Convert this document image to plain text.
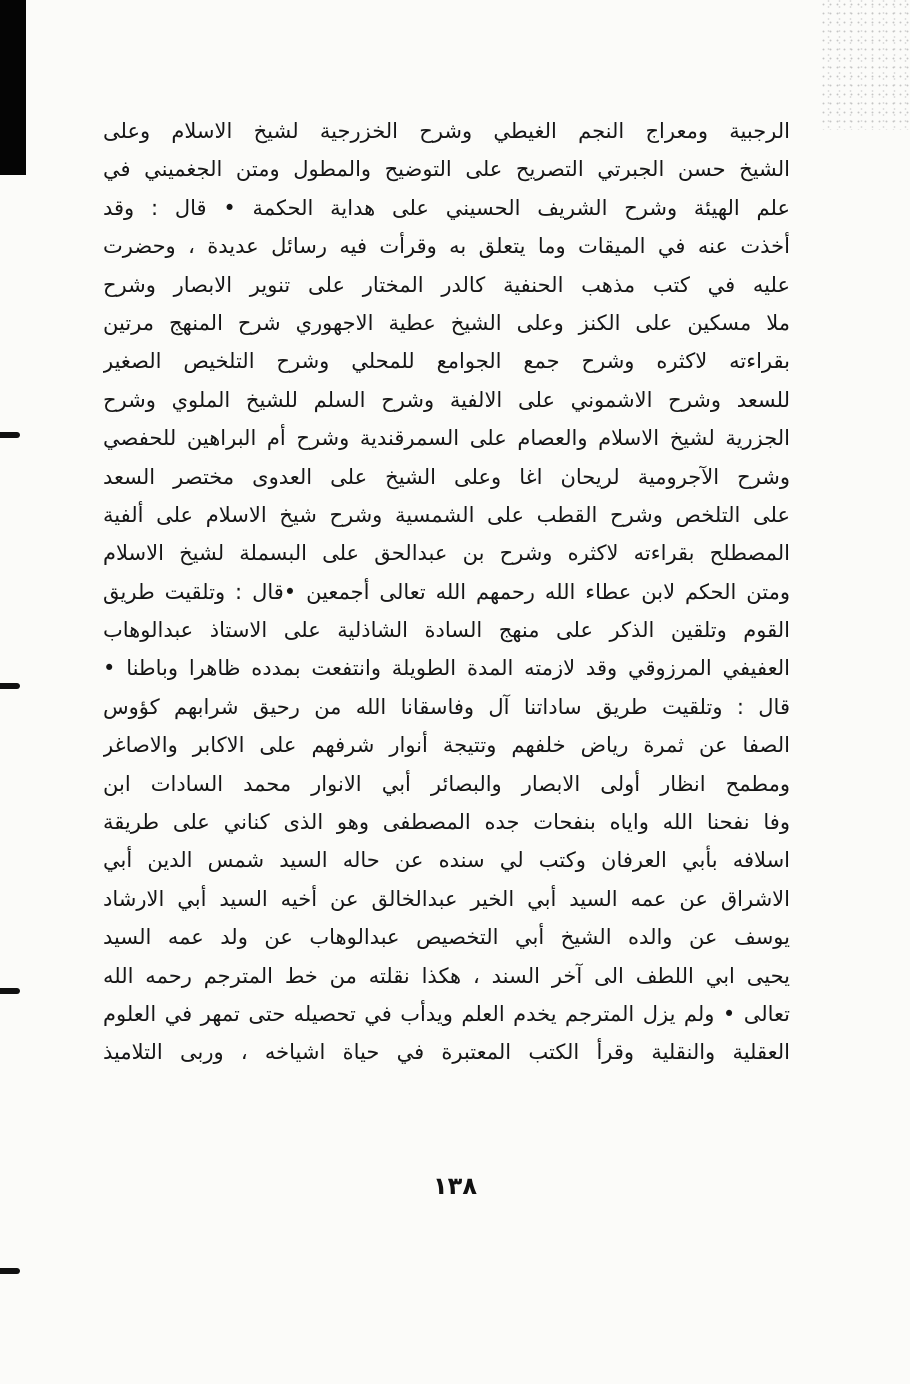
الرجبية ومعراج النجم الغيطي وشرح الخزرجية لشيخ الاسلام وعلى
الشيخ حسن الجبرتي التصريح على التوضيح والمطول ومتن الجغميني في
علم الهيئة وشرح الشريف الحسيني على هداية الحكمة • قال : وقد
أخذت عنه في الميقات وما يتعلق به وقرأت فيه رسائل عديدة ، وحضرت
عليه في كتب مذهب الحنفية كالدر المختار على تنوير الابصار وشرح
ملا مسكين على الكنز وعلى الشيخ عطية الاجهوري شرح المنهج مرتين
بقراءته لاكثره وشرح جمع الجوامع للمحلي وشرح التلخيص الصغير
للسعد وشرح الاشموني على الالفية وشرح السلم للشيخ الملوي وشرح
الجزرية لشيخ الاسلام والعصام على السمرقندية وشرح أم البراهين للحفصي
وشرح الآجرومية لريحان اغا وعلى الشيخ على العدوى مختصر السعد
على التلخص وشرح القطب على الشمسية وشرح شيخ الاسلام على ألفية
المصطلح بقراءته لاكثره وشرح بن عبدالحق على البسملة لشيخ الاسلام
ومتن الحكم لابن عطاء الله رحمهم الله تعالى أجمعين •قال : وتلقيت طريق
القوم وتلقين الذكر على منهج السادة الشاذلية على الاستاذ عبدالوهاب
العفيفي المرزوقي وقد لازمته المدة الطويلة وانتفعت بمدده ظاهرا وباطنا •
قال : وتلقيت طريق ساداتنا آل وفاسقانا الله من رحيق شرابهم كؤوس
الصفا عن ثمرة رياض خلفهم وتتيجة أنوار شرفهم على الاكابر والاصاغر
ومطمح انظار أولى الابصار والبصائر أبي الانوار محمد السادات ابن
وفا نفحنا الله واياه بنفحات جده المصطفى وهو الذى كناني على طريقة
اسلافه بأبي العرفان وكتب لي سنده عن حاله السيد شمس الدين أبي
الاشراق عن عمه السيد أبي الخير عبدالخالق عن أخيه السيد أبي الارشاد
يوسف عن والده الشيخ أبي التخصيص عبدالوهاب عن ولد عمه السيد
يحيى ابي اللطف الى آخر السند ، هكذا نقلته من خط المترجم رحمه الله
تعالى • ولم يزل المترجم يخدم العلم ويدأب في تحصيله حتى تمهر في العلوم
العقلية والنقلية وقرأ الكتب المعتبرة في حياة اشياخه ، وربى التلاميذ
١٣٨
